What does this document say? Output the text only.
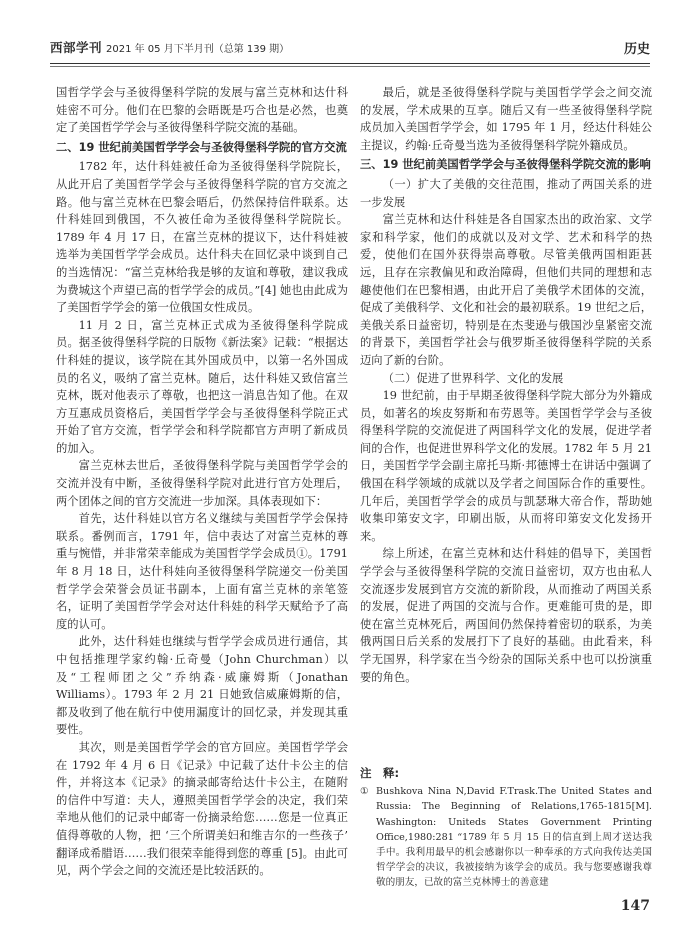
西部学刊 2021 年 05 月下半月刊（总第 139 期）	历史

国哲学学会与圣彼得堡科学院的发展与富兰克林和达什科娃密不可分。他们在巴黎的会晤既是巧合也是必然，也奠定了美国哲学学会与圣彼得堡科学院交流的基础。

二、19 世纪前美国哲学学会与圣彼得堡科学院的官方交流

1782 年，达什科娃被任命为圣彼得堡科学院院长，从此开启了美国哲学学会与圣彼得堡科学院的官方交流之路。他与富兰克林在巴黎会晤后，仍然保持信件联系。达什科娃回到俄国，不久被任命为圣彼得堡科学院院长。1789 年 4 月 17 日，在富兰克林的提议下，达什科娃被选举为美国哲学学会成员。达什科夫在回忆录中谈到自己的当选情况：“富兰克林给我是够的友谊和尊敬，建议我成为费城这个声望已高的哲学学会的成员。”[4] 她也由此成为了美国哲学学会的第一位俄国女性成员。

11 月 2 日，富兰克林正式成为圣彼得堡科学院成员。据圣彼得堡科学院的日版物《新法案》记载：“根据达什科娃的提议，该学院在其外国成员中，以第一名外国成员的名义，吸纳了富兰克林。随后，达什科娃又致信富兰克林，既对他表示了尊敬，也把这一消息告知了他。在双方互惠成员资格后，美国哲学学会与圣彼得堡科学院正式开始了官方交流，哲学学会和科学院都官方声明了新成员的加入。

富兰克林去世后，圣彼得堡科学院与美国哲学学会的交流并没有中断，圣彼得堡科学院对此进行官方处理后，两个团体之间的官方交流进一步加深。具体表现如下：

首先，达什科娃以官方名义继续与美国哲学学会保持联系。番例而言，1791 年，信中表达了对富兰克林的尊重与惋惜，并非常荣幸能成为美国哲学学会成员①。1791 年 8 月 18 日，达什科娃向圣彼得堡科学院递交一份美国哲学学会荣誉会员证书副本，上面有富兰克林的亲笔签名，证明了美国哲学学会对达什科娃的科学天赋给予了高度的认可。

此外，达什科娃也继续与哲学学会成员进行通信，其中包括推理学家约翰·丘奇曼（John Churchman）以及“工程师团之父”乔纳森·威廉姆斯（Jonathan Williams）。1793 年 2 月 21 日她致信威廉姆斯的信，都及收到了他在航行中使用漏度计的回忆录，并发现其重要性。

其次，则是美国哲学学会的官方回应。美国哲学学会在 1792 年 4 月 6 日《记录》中记载了达什卡公主的信件，并将这本《记录》的摘录邮寄给达什卡公主，在随附的信件中写道：夫人，遵照美国哲学学会的决定，我们荣幸地从他们的记录中邮寄一份摘录给您……您是一位真正值得尊敬的人物，把 ‘三个所谓美妇和维吉尔的一些孩子’ 翻译成希腊语……我们很荣幸能得到您的尊重 [5]。由此可见，两个学会之间的交流还是比较活跃的。

最后，就是圣彼得堡科学院与美国哲学学会之间交流的发展，学术成果的互享。随后又有一些圣彼得堡科学院成员加入美国哲学学会，如 1795 年 1 月，经达什科娃公主提议，约翰·丘奇曼当选为圣彼得堡科学院外籍成员。

三、19 世纪前美国哲学学会与圣彼得堡科学院交流的影响
（一）扩大了美俄的交往范围，推动了两国关系的进一步发展

富兰克林和达什科娃是各自国家杰出的政治家、文学家和科学家，他们的成就以及对文学、艺术和科学的热爱，使他们在国外获得崇高尊敬。尽管美俄两国相距甚远，且存在宗教偏见和政治障碍，但他们共同的理想和志趣使他们在巴黎相遇，由此开启了美俄学术团体的交流，促成了美俄科学、文化和社会的最初联系。19 世纪之后，美俄关系日益密切，特别是在杰斐逊与俄国沙皇紧密交流的背景下，美国哲学社会与俄罗斯圣彼得堡科学院的关系迈向了新的台阶。

（二）促进了世界科学、文化的发展

19 世纪前，由于早期圣彼得堡科学院大部分为外籍成员，如著名的埃皮努斯和布劳恩等。美国哲学学会与圣彼得堡科学院的交流促进了两国科学文化的发展，促进学者间的合作，也促进世界科学文化的发展。1782 年 5 月 21 日，美国哲学学会副主席托马斯·邦德博士在讲话中强调了俄国在科学领域的成就以及学者之间国际合作的重要性。几年后，美国哲学学会的成员与凯瑟琳大帝合作，帮助她收集印第安文字，印刷出版，从而将印第安文化发扬开来。

综上所述，在富兰克林和达什科娃的倡导下，美国哲学学会与圣彼得堡科学院的交流日益密切，双方也由私人交流逐步发展到官方交流的新阶段，从而推动了两国关系的发展，促进了两国的交流与合作。更难能可贵的是，即使在富兰克林死后，两国间仍然保持着密切的联系，为美俄两国日后关系的发展打下了良好的基础。由此看来，科学无国界，科学家在当今纷杂的国际关系中也可以扮演重要的角色。

注　释:
① Bushkova Nina N,David F.Trask.The United States and Russia: The Beginning of Relations,1765-1815[M]. Washington: Uniteds States Government Printing Office,1980:281 “1789 年 5 月 15 日的信直到上周才送达我手中。我利用最早的机会感谢你以一种奉承的方式向我传达美国哲学学会的决议，我被接纳为该学会的成员。我与您要感谢我尊敬的朋友，已故的富兰克林博士的善意建
147
